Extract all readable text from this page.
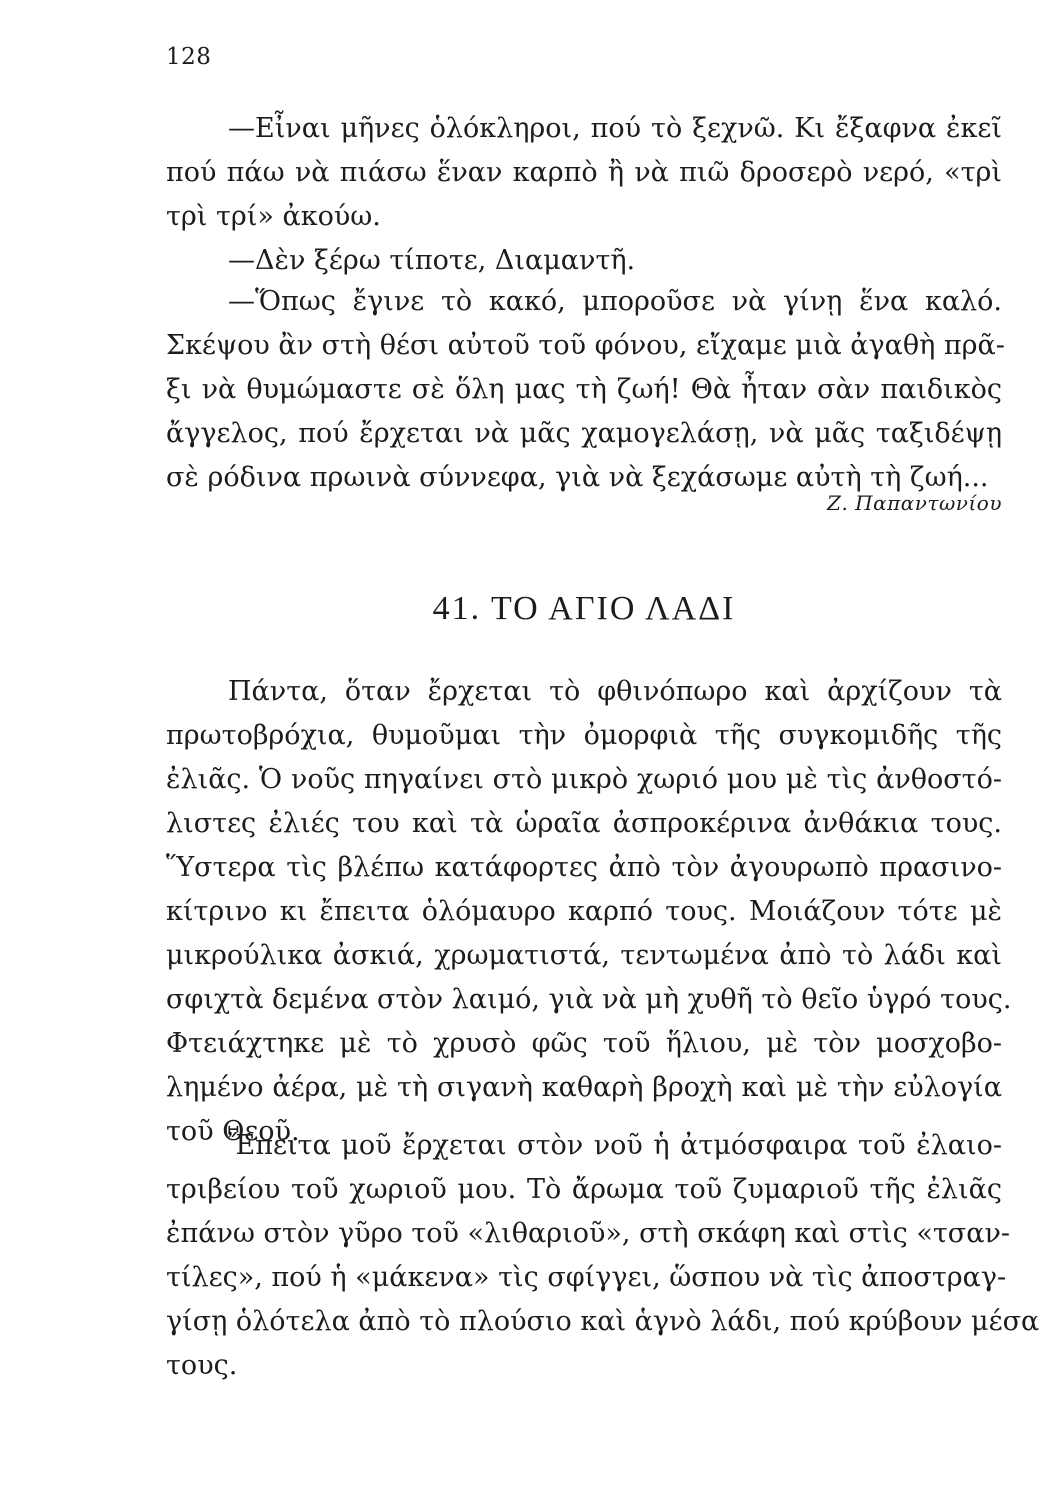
128
—Εἶναι μῆνες ὁλόκληροι, πού τὸ ξεχνῶ. Κι ἔξαφνα ἐκεῖ
πού πάω νὰ πιάσω ἕναν καρπὸ ἢ νὰ πιῶ δροσερὸ νερό, «τρὶ
τρὶ τρί» ἀκούω.
—Δὲν ξέρω τίποτε, Διαμαντῆ.
—Ὅπως ἔγινε τὸ κακό, μποροῦσε νὰ γίνῃ ἕνα καλό.
Σκέψου ἂν στὴ θέσι αὐτοῦ τοῦ φόνου, εἴχαμε μιὰ ἀγαθὴ πρᾶ-
ξι νὰ θυμώμαστε σὲ ὅλη μας τὴ ζωή! Θὰ ἦταν σὰν παιδικὸς
ἄγγελος, πού ἔρχεται νὰ μᾶς χαμογελάσῃ, νὰ μᾶς ταξιδέψῃ
σὲ ρόδινα πρωινὰ σύννεφα, γιὰ νὰ ξεχάσωμε αὐτὴ τὴ ζωή...
Ζ. Παπαντωνίου
41. ΤΟ ΑΓΙΟ ΛΑΔΙ
Πάντα, ὅταν ἔρχεται τὸ φθινόπωρο καὶ ἀρχίζουν τὰ
πρωτοβρόχια, θυμοῦμαι τὴν ὀμορφιὰ τῆς συγκομιδῆς τῆς
ἐλιᾶς. Ὁ νοῦς πηγαίνει στὸ μικρὸ χωριό μου μὲ τὶς ἀνθοστό-
λιστες ἐλιές του καὶ τὰ ὡραῖα ἀσπροκέρινα ἀνθάκια τους.
Ὕστερα τὶς βλέπω κατάφορτες ἀπὸ τὸν ἀγουρωπὸ πρασινο-
κίτρινο κι ἔπειτα ὁλόμαυρο καρπό τους. Μοιάζουν τότε μὲ
μικρούλικα ἀσκιά, χρωματιστά, τεντωμένα ἀπὸ τὸ λάδι καὶ
σφιχτὰ δεμένα στὸν λαιμό, γιὰ νὰ μὴ χυθῆ τὸ θεῖο ὑγρό τους.
Φτειάχτηκε μὲ τὸ χρυσὸ φῶς τοῦ ἥλιου, μὲ τὸν μοσχοβο-
λημένο ἀέρα, μὲ τὴ σιγανὴ καθαρὴ βροχὴ καὶ μὲ τὴν εὐλογία
τοῦ Θεοῦ.
Ἔπειτα μοῦ ἔρχεται στὸν νοῦ ἡ ἀτμόσφαιρα τοῦ ἐλαιο-
τριβείου τοῦ χωριοῦ μου. Τὸ ἄρωμα τοῦ ζυμαριοῦ τῆς ἐλιᾶς
ἐπάνω στὸν γῦρο τοῦ «λιθαριοῦ», στὴ σκάφη καὶ στὶς «τσαν-
τίλες», πού ἡ «μάκενα» τὶς σφίγγει, ὥσπου νὰ τὶς ἀποστραγ-
γίσῃ ὁλότελα ἀπὸ τὸ πλούσιο καὶ ἁγνὸ λάδι, πού κρύβουν μέσα
τους.
